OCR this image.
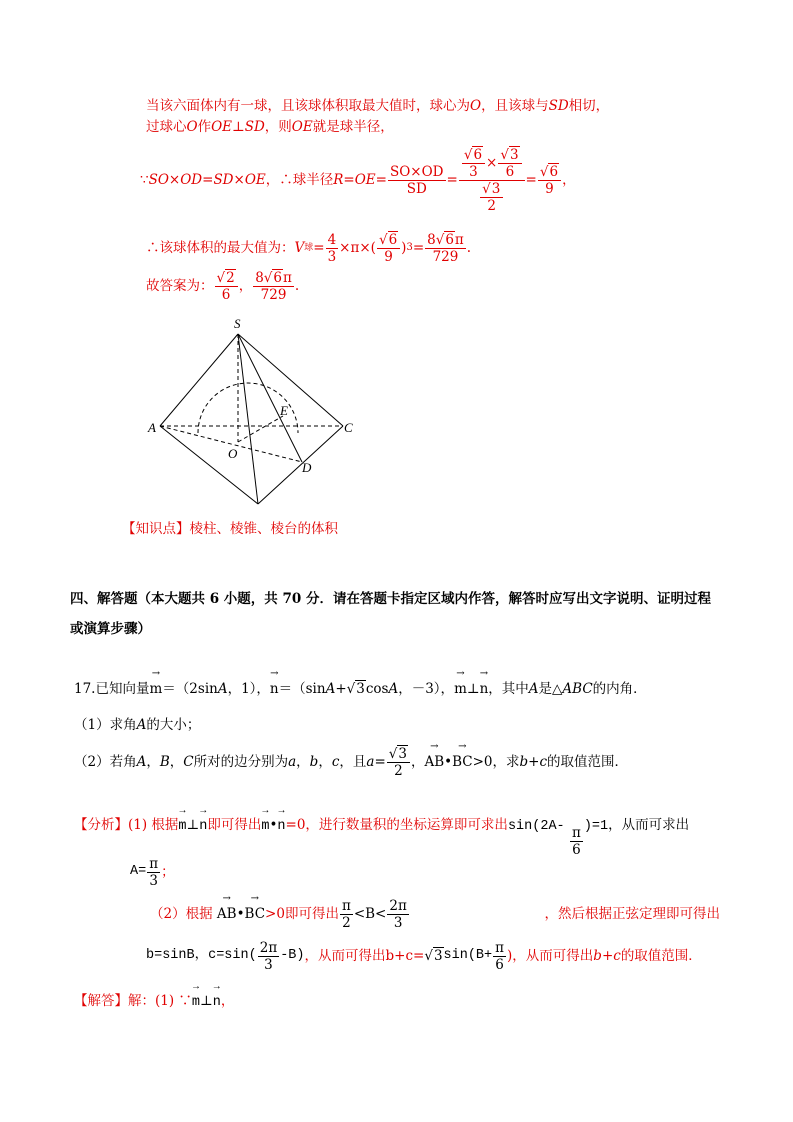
当该六面体内有一球，且该球体积取最大值时，球心为O，且该球与SD相切，
过球心O作OE⊥SD，则OE就是球半径，
∵ SO×OD = SD×OE ，∴球半径 R = OE = $\frac{SO\times OD}{SD} = \frac{\frac{√6}{3} \times \frac{√3}{6}}{\frac{√3}{2}} = \frac{√6}{9}$ ，
∴该球体积的最大值为： V 球 = $\frac{4}{3} \times \pi$ × ( $\frac{√6}{9}$ ) $3 = \frac{8√6\pi}{729}$ .
故答案为： $\frac{√2}{6}$ ， $\frac{8√6\pi}{729}$ .
S
A	C
E
O
D
【知识点】棱柱、棱锥、棱台的体积
四、解答题（本大题共 6 小题，共 70 分．请在答题卡指定区域内作答，解答时应写出文字说明、证明过程
或演算步骤）
17. 已知向量 → m ＝（2sin A ，1）， → n ＝（sin A + √ 3 cos A ，－3）， → m ⊥ → n ，其中 A 是△ ABC 的内角．
（1）求角A的大小；
（2）若角 A ， B ， C 所对的边分别为 a ， b ， c ，且 $a = \frac{√3}{2}$ ， → AB • → BC >0，求 b+c 的取值范围．
【分析】(1) 根据→ m⊥→ n即可得出→ m•→ n=0，进行数量积的坐标运算即可求出$\sin(2A- \frac{\pi}{6} )=1$，从而可求出
$A= \frac{\pi}{3}$ ；
（2）根据
→ AB • → BC >0即可得出 $\frac{\pi}{2} <B< \frac{2\pi}{3}$	，然后根据正弦定理即可得出
b=sinB，$c=\sin( \frac{2\pi}{3} -B)$ ，从而可得出b+c= √ 3 $\sin(B+ \frac{\pi}{6}$ )，从而可得出 b+c 的取值范围．
【解答】解：(1) ∵→ m⊥→ n，
